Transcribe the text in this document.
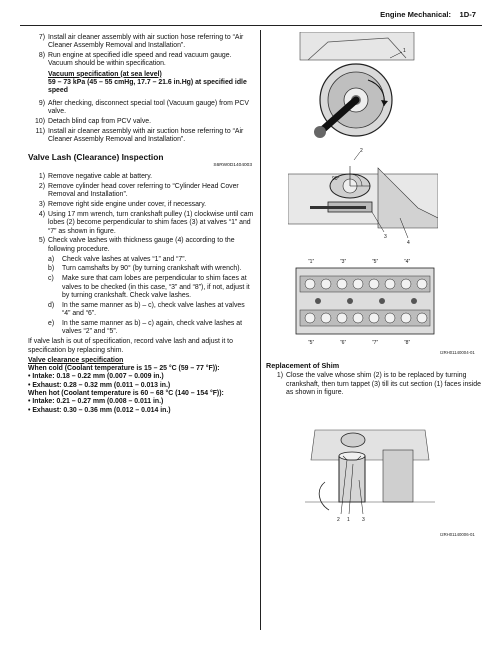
Engine Mechanical: 1D-7
7) Install air cleaner assembly with air suction hose referring to “Air Cleaner Assembly Removal and Installation”.
8) Run engine at specified idle speed and read vacuum gauge. Vacuum should be within specification.
Vacuum specification (at sea level)
59 – 73 kPa (45 – 55 cmHg, 17.7 – 21.6 in.Hg) at specified idle speed
9) After checking, disconnect special tool (Vacuum gauge) from PCV valve.
10) Detach blind cap from PCV valve.
11) Install air cleaner assembly with air suction hose referring to “Air Cleaner Assembly Removal and Installation”.
Valve Lash (Clearance) Inspection
S6RW0D1404003
1) Remove negative cable at battery.
2) Remove cylinder head cover referring to “Cylinder Head Cover Removal and Installation”.
3) Remove right side engine under cover, if necessary.
4) Using 17 mm wrench, turn crankshaft pulley (1) clockwise until cam lobes (2) become perpendicular to shim faces (3) at valves “1” and “7” as shown in figure.
5) Check valve lashes with thickness gauge (4) according to the following procedure.
a) Check valve lashes at valves “1” and “7”.
b) Turn camshafts by 90° (by turning crankshaft with wrench).
c) Make sure that cam lobes are perpendicular to shim faces at valves to be checked (in this case, “3” and “8”), if not, adjust it by turning crankshaft. Check valve lashes.
d) In the same manner as b) – c), check valve lashes at valves “4” and “6”.
e) In the same manner as b) – c) again, check valve lashes at valves “2” and “5”.
If valve lash is out of specification, record valve lash and adjust it to specification by replacing shim.
Valve clearance specification
When cold (Coolant temperature is 15 – 25 °C (59 – 77 °F)):
• Intake: 0.18 – 0.22 mm (0.007 – 0.009 in.)
• Exhaust: 0.28 – 0.32 mm (0.011 – 0.013 in.)
When hot (Coolant temperature is 60 – 68 °C (140 – 154 °F)):
• Intake: 0.21 – 0.27 mm (0.008 – 0.011 in.)
• Exhaust: 0.30 – 0.36 mm (0.012 – 0.014 in.)
1
90°
2
3
4
“1”	“3”	“5”	“4”
“5”	“6”	“7”	“8”
I2RH01140004-01
Replacement of Shim
1) Close the valve whose shim (2) is to be replaced by turning crankshaft, then turn tappet (3) till its cut section (1) faces inside as shown in figure.
2 1 3
I2RH01140006-01
